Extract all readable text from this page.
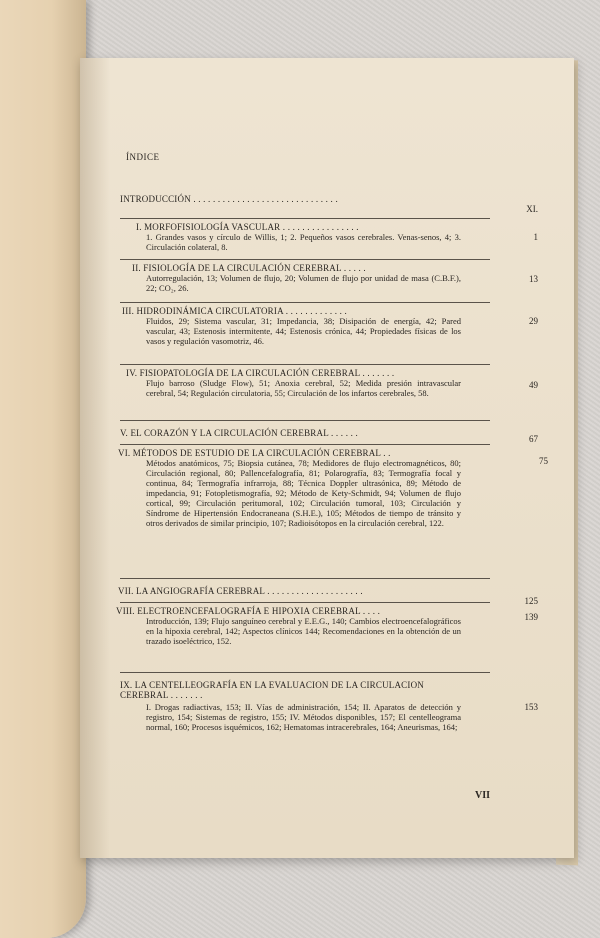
ÍNDICE
INTRODUCCIÓN . . . . . . . . . . . . . . . . . . . . . . . . . . . . . .
XI.
I. MORFOFISIOLOGÍA VASCULAR . . . . . . . . . . . . . . . .
1
1. Grandes vasos y círculo de Willis, 1; 2. Pequeños vasos cerebrales. Venas-senos, 4; 3. Circulación colateral, 8.
II. FISIOLOGÍA DE LA CIRCULACIÓN CEREBRAL . . . . .
13
Autorregulación, 13; Volumen de flujo, 20; Volumen de flujo por unidad de masa (C.B.F.), 22; CO₂, 26.
III. HIDRODINÁMICA CIRCULATORIA . . . . . . . . . . . . .
29
Fluidos, 29; Sistema vascular, 31; Impedancia, 38; Disipación de energía, 42; Pared vascular, 43; Estenosis intermitente, 44; Estenosis crónica, 44; Propiedades físicas de los vasos y regulación vasomotriz, 46.
IV. FISIOPATOLOGÍA DE LA CIRCULACIÓN CEREBRAL . . . . . . .
49
Flujo barroso (Sludge Flow), 51; Anoxia cerebral, 52; Medida presión intravascular cerebral, 54; Regulación circulatoria, 55; Circulación de los infartos cerebrales, 58.
V. EL CORAZÓN Y LA CIRCULACIÓN CEREBRAL . . . . . .
67
VI. MÉTODOS DE ESTUDIO DE LA CIRCULACIÓN CEREBRAL . .
75
Métodos anatómicos, 75; Biopsia cutánea, 78; Medidores de flujo electromagnéticos, 80; Circulación regional, 80; Pallencefalografía, 81; Polarografía, 83; Termografía focal y continua, 84; Termografía infrarroja, 88; Técnica Doppler ultrasónica, 89; Método de impedancia, 91; Fotopletismografía, 92; Método de Kety-Schmidt, 94; Volumen de flujo cortical, 99; Circulación peritumoral, 102; Circulación tumoral, 103; Circulación y Síndrome de Hipertensión Endocraneana (S.H.E.), 105; Métodos de tiempo de tránsito y otros derivados de similar principio, 107; Radioisótopos en la circulación cerebral, 122.
VII. LA ANGIOGRAFÍA CEREBRAL . . . . . . . . . . . . . . . . . . . .
125
VIII. ELECTROENCEFALOGRAFÍA E HIPOXIA CEREBRAL . . . .
139
Introducción, 139; Flujo sanguíneo cerebral y E.E.G., 140; Cambios electroencefalográficos en la hipoxia cerebral, 142; Aspectos clínicos 144; Recomendaciones en la obtención de un trazado isoeléctrico, 152.
IX. LA CENTELLEOGRAFÍA EN LA EVALUACION DE LA CIRCULACION CEREBRAL . . . . . . .
153
I. Drogas radiactivas, 153; II. Vías de administración, 154; II. Aparatos de detección y registro, 154; Sistemas de registro, 155; IV. Métodos disponibles, 157; El centelleograma normal, 160; Procesos isquémicos, 162; Hematomas intracerebrales, 164; Aneurismas, 164;
VII
